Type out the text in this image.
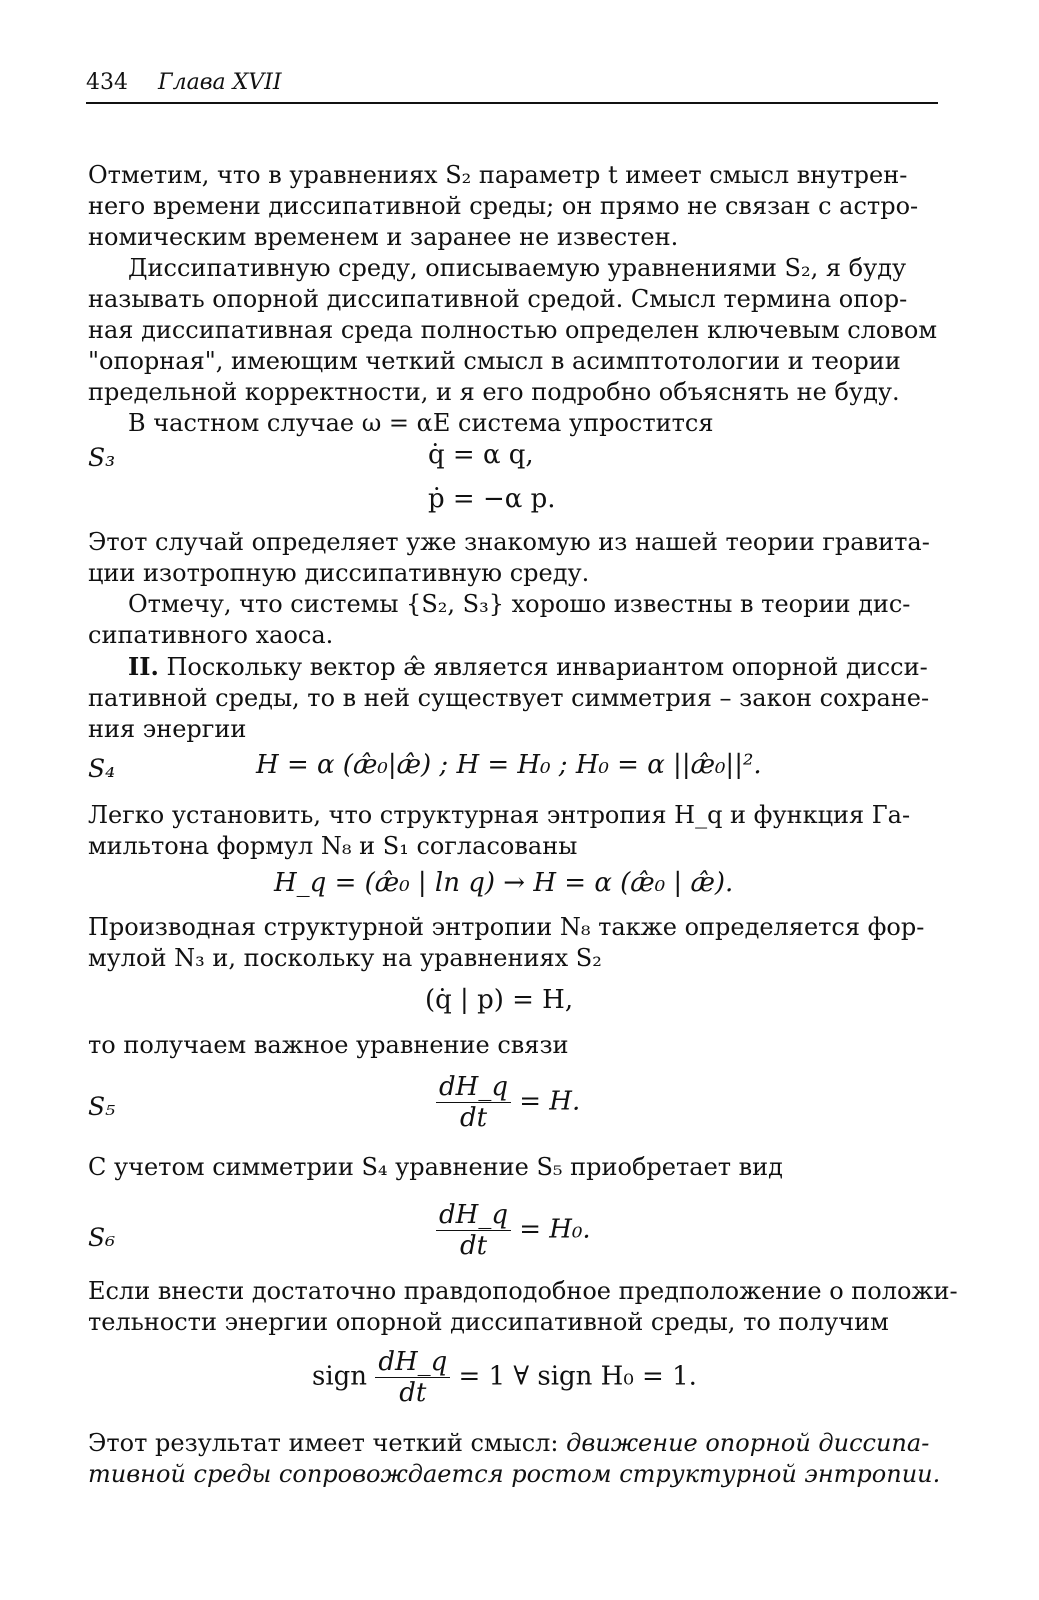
434 Глава XVII
Отметим, что в уравнениях S₂ параметр t имеет смысл внутрен-
него времени диссипативной среды; он прямо не связан с астро-
номическим временем и заранее не известен.
Диссипативную среду, описываемую уравнениями S₂, я буду
называть опорной диссипативной средой. Смысл термина опор-
ная диссипативная среда полностью определен ключевым словом
"опорная", имеющим четкий смысл в асимптотологии и теории
предельной корректности, и я его подробно объяснять не буду.
В частном случае ω = αE система упростится
S₃	q̇ = α q,
ṗ = −α p.
Этот случай определяет уже знакомую из нашей теории гравита-
ции изотропную диссипативную среду.
Отмечу, что системы {S₂, S₃} хорошо известны в теории дис-
сипативного хаоса.
II. Поскольку вектор æ̂ является инвариантом опорной дисси-
пативной среды, то в ней существует симметрия – закон сохране-
ния энергии
S₄	H = α (æ̂₀|æ̂) ; H = H₀ ; H₀ = α ||æ̂₀||².
Легко установить, что структурная энтропия H_q и функция Га-
мильтона формул N₈ и S₁ согласованы
H_q = (æ̂₀ | ln q) → H = α (æ̂₀ | æ̂).
Производная структурной энтропии N₈ также определяется фор-
мулой N₃ и, поскольку на уравнениях S₂
(q̇ | p) = H,
то получаем важное уравнение связи
S₅	$\frac{dH\_q}{dt} = H$.
С учетом симметрии S₄ уравнение S₅ приобретает вид
S₆	$\frac{dH\_q}{dt} = H_0$.
Если внести достаточно правдоподобное предположение о положи-
тельности энергии опорной диссипативной среды, то получим
sign $\frac{dH\_q}{dt} = 1$ ∀ sign H₀ = 1.
Этот результат имеет четкий смысл: движение опорной диссипа-
тивной среды сопровождается ростом структурной энтропии.
